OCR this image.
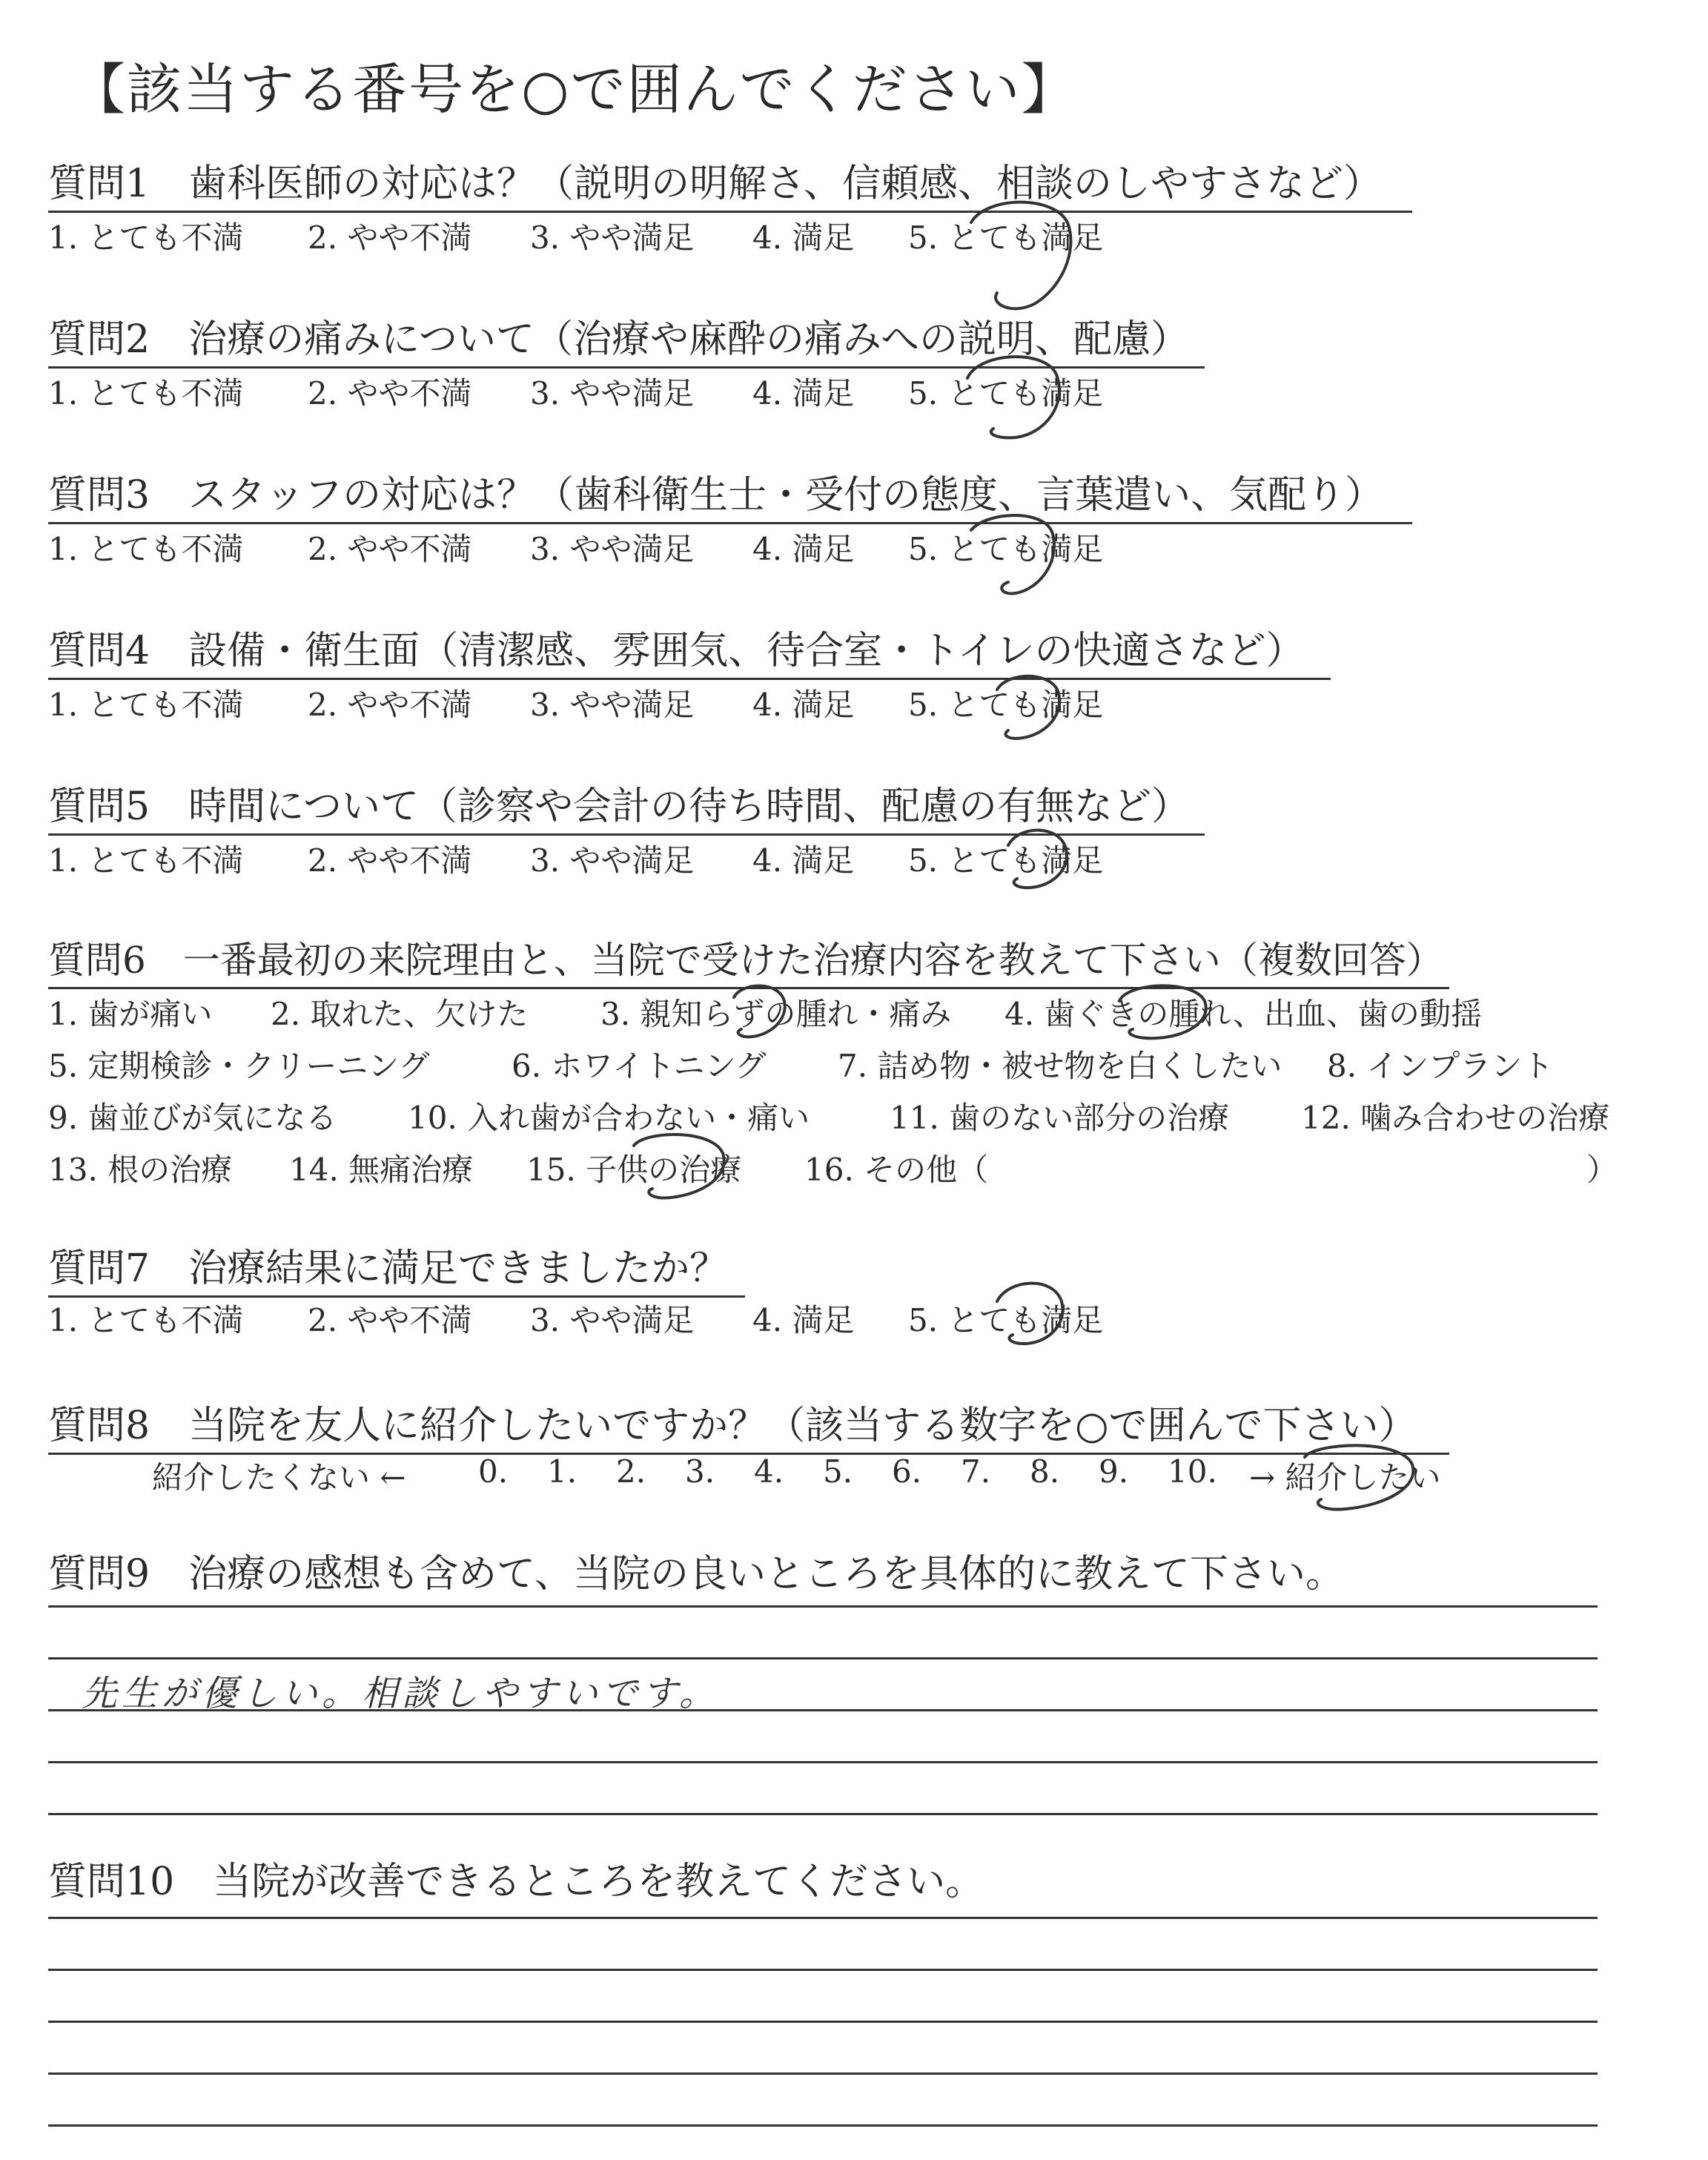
【該当する番号を○で囲んでください】
質問1　歯科医師の対応は？（説明の明解さ、信頼感、相談のしやすさなど）
1. とても不満 2. やや不満 3. やや満足 4. 満足 5. とても満足
質問2　治療の痛みについて（治療や麻酔の痛みへの説明、配慮）
1. とても不満 2. やや不満 3. やや満足 4. 満足 5. とても満足
質問3　スタッフの対応は？（歯科衛生士・受付の態度、言葉遣い、気配り）
1. とても不満 2. やや不満 3. やや満足 4. 満足 5. とても満足
質問4　設備・衛生面（清潔感、雰囲気、待合室・トイレの快適さなど）
1. とても不満 2. やや不満 3. やや満足 4. 満足 5. とても満足
質問5　時間について（診察や会計の待ち時間、配慮の有無など）
1. とても不満 2. やや不満 3. やや満足 4. 満足 5. とても満足
質問6　一番最初の来院理由と、当院で受けた治療内容を教えて下さい（複数回答）
1. 歯が痛い 2. 取れた、欠けた 3. 親知らずの腫れ・痛み 4. 歯ぐきの腫れ、出血、歯の動揺
5. 定期検診・クリーニング	6. ホワイトニング 7. 詰め物・被せ物を白くしたい 8. インプラント
9. 歯並びが気になる 10. 入れ歯が合わない・痛い	11. 歯のない部分の治療 12. 噛み合わせの治療
13. 根の治療 14. 無痛治療 15. 子供の治療 16. その他（	）
質問7　治療結果に満足できましたか？
1. とても不満 2. やや不満 3. やや満足 4. 満足 5. とても満足
質問8　当院を友人に紹介したいですか？（該当する数字を○で囲んで下さい）
紹介したくない ← 0. 1. 2. 3. 4. 5. 6. 7. 8. 9. 10. → 紹介したい
質問9　治療の感想も含めて、当院の良いところを具体的に教えて下さい。
先生が優しい。相談しやすいです。
質問10　当院が改善できるところを教えてください。
